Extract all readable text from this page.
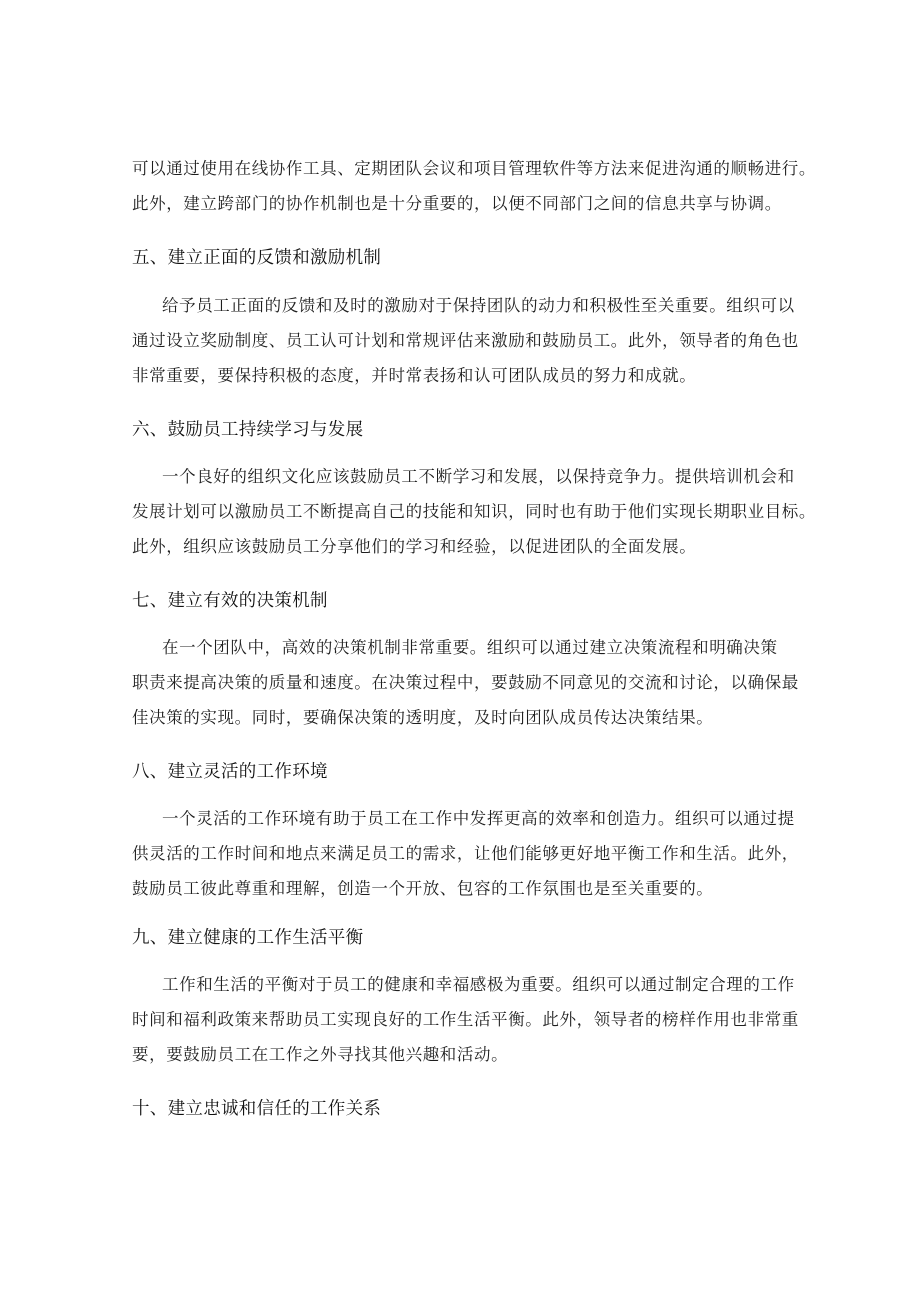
可以通过使用在线协作工具、定期团队会议和项目管理软件等方法来促进沟通的顺畅进行。
此外，建立跨部门的协作机制也是十分重要的，以便不同部门之间的信息共享与协调。
五、建立正面的反馈和激励机制
给予员工正面的反馈和及时的激励对于保持团队的动力和积极性至关重要。组织可以
通过设立奖励制度、员工认可计划和常规评估来激励和鼓励员工。此外，领导者的角色也
非常重要，要保持积极的态度，并时常表扬和认可团队成员的努力和成就。
六、鼓励员工持续学习与发展
一个良好的组织文化应该鼓励员工不断学习和发展，以保持竞争力。提供培训机会和
发展计划可以激励员工不断提高自己的技能和知识，同时也有助于他们实现长期职业目标。
此外，组织应该鼓励员工分享他们的学习和经验，以促进团队的全面发展。
七、建立有效的决策机制
在一个团队中，高效的决策机制非常重要。组织可以通过建立决策流程和明确决策
职责来提高决策的质量和速度。在决策过程中，要鼓励不同意见的交流和讨论，以确保最
佳决策的实现。同时，要确保决策的透明度，及时向团队成员传达决策结果。
八、建立灵活的工作环境
一个灵活的工作环境有助于员工在工作中发挥更高的效率和创造力。组织可以通过提
供灵活的工作时间和地点来满足员工的需求，让他们能够更好地平衡工作和生活。此外，
鼓励员工彼此尊重和理解，创造一个开放、包容的工作氛围也是至关重要的。
九、建立健康的工作生活平衡
工作和生活的平衡对于员工的健康和幸福感极为重要。组织可以通过制定合理的工作
时间和福利政策来帮助员工实现良好的工作生活平衡。此外，领导者的榜样作用也非常重
要，要鼓励员工在工作之外寻找其他兴趣和活动。
十、建立忠诚和信任的工作关系
